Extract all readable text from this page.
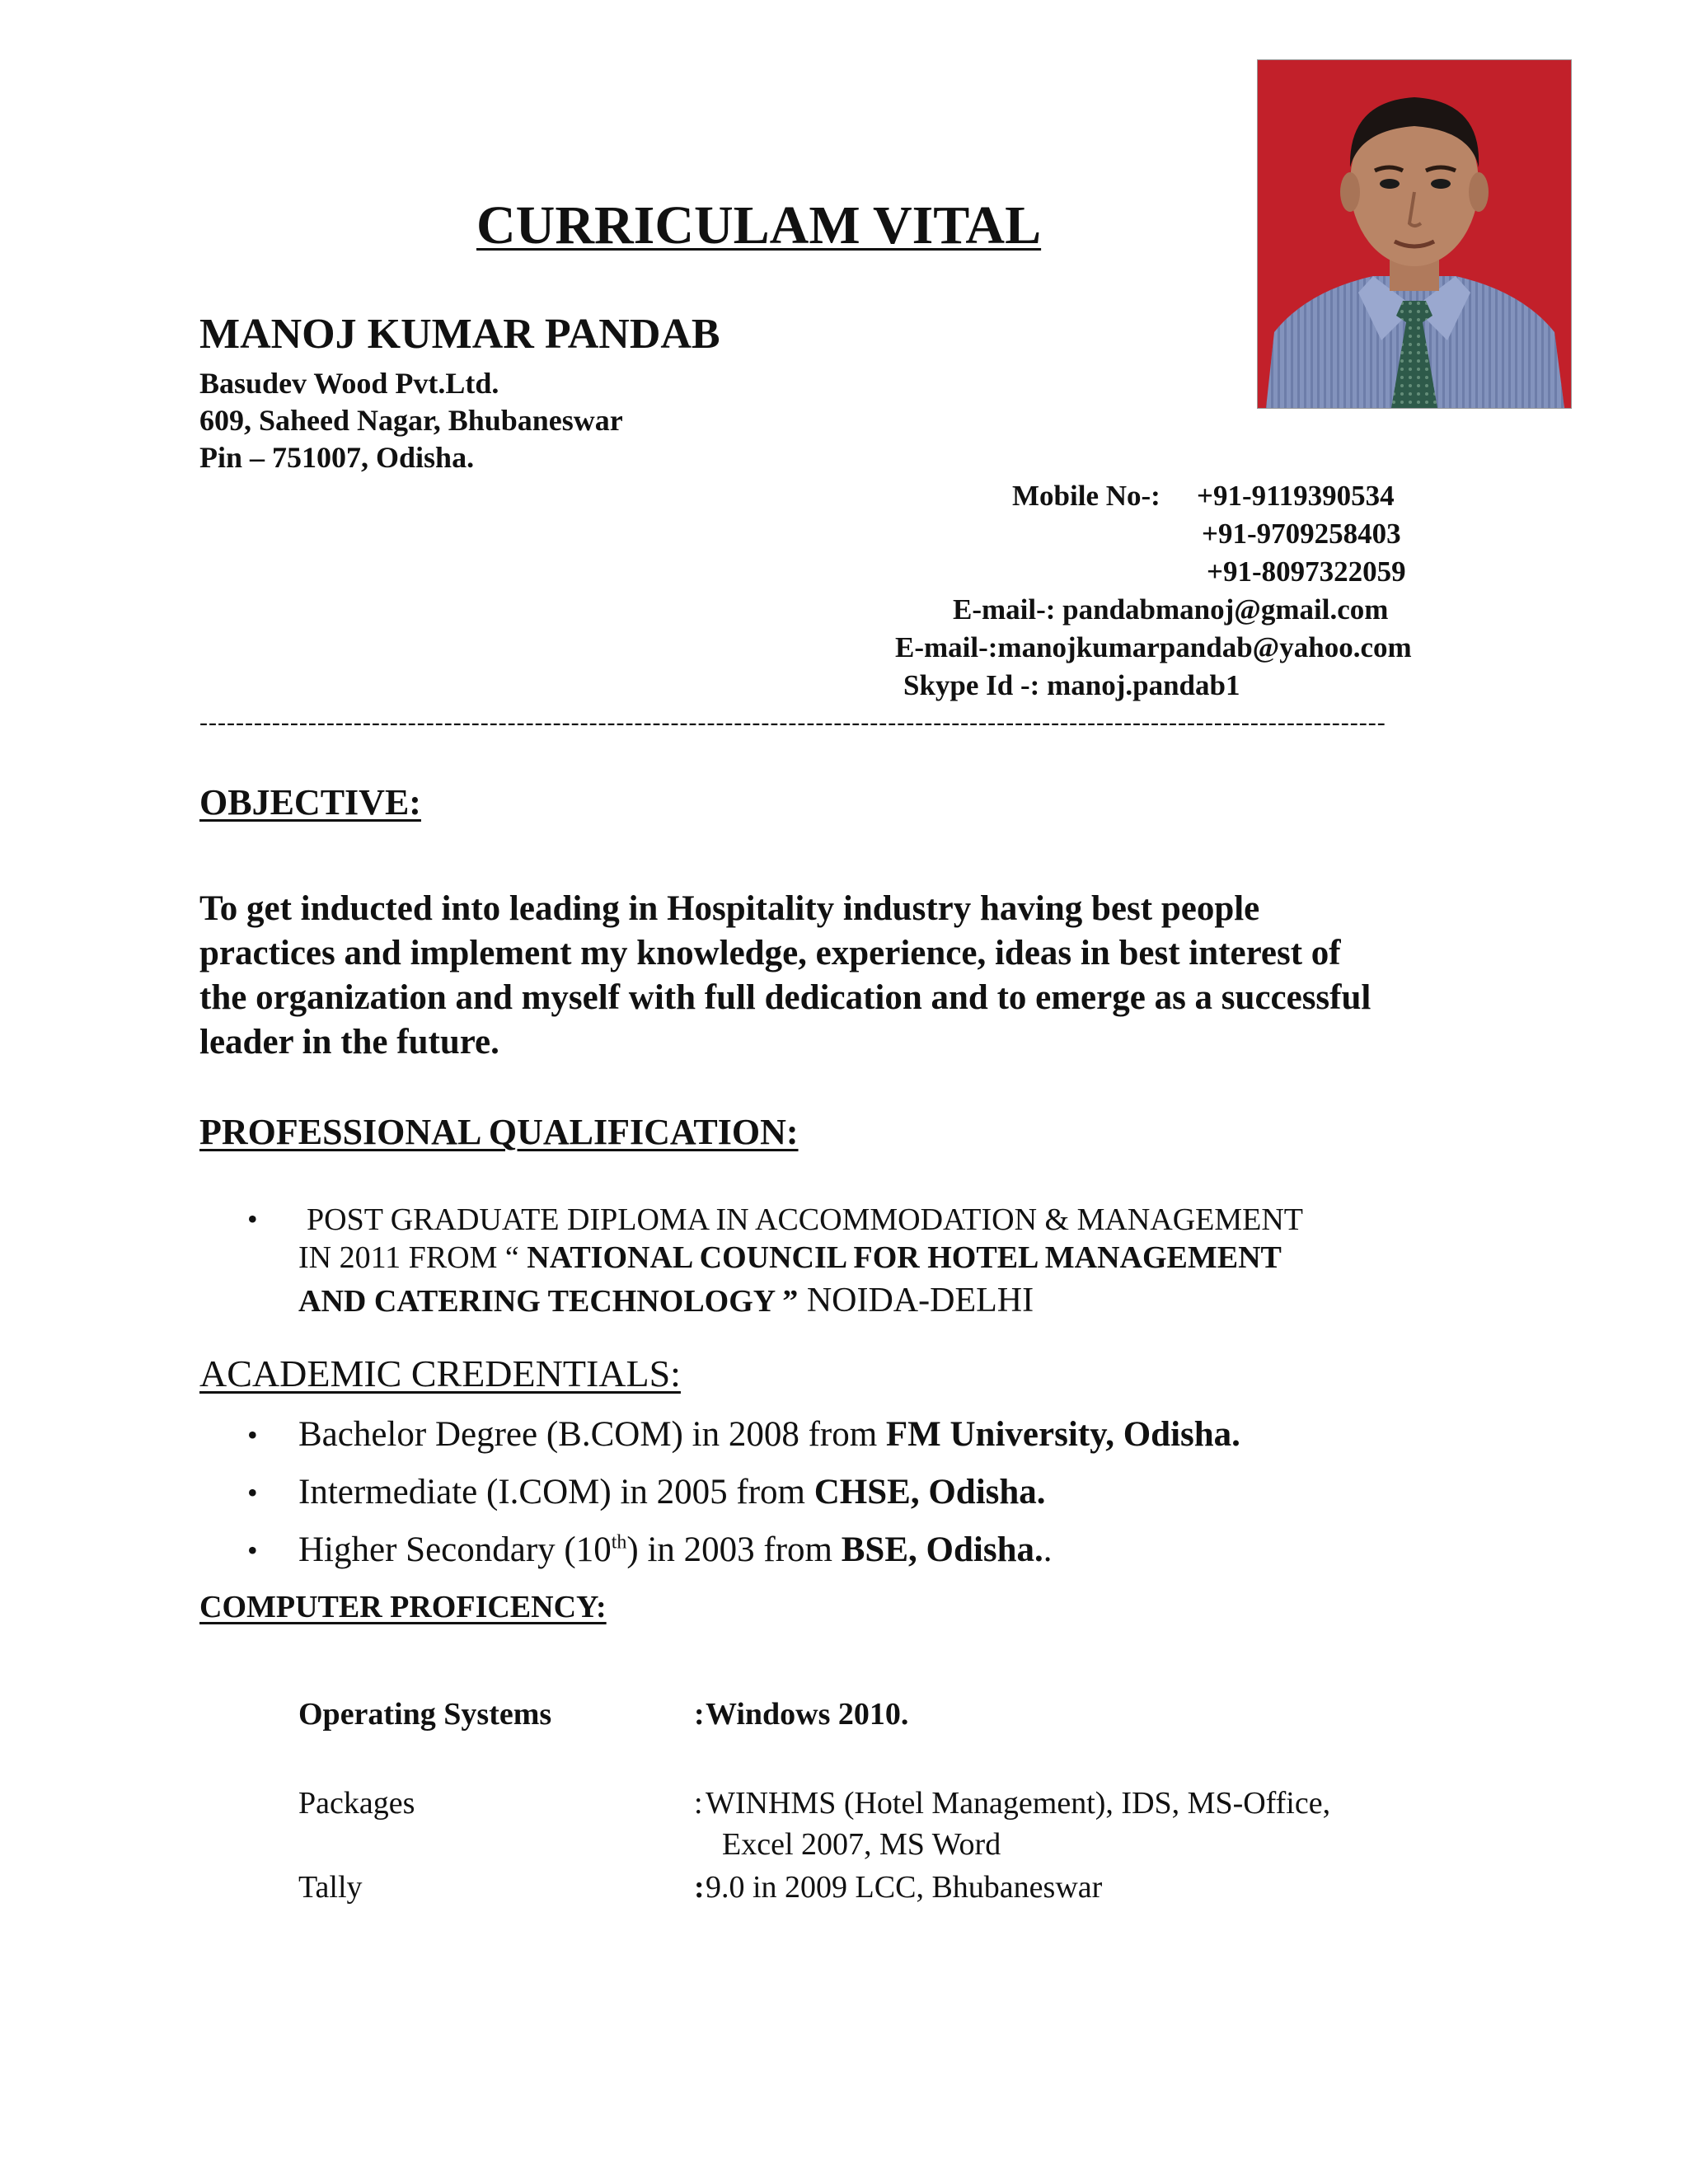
CURRICULAM VITAL
MANOJ KUMAR PANDAB
Basudev Wood Pvt.Ltd.
609, Saheed Nagar, Bhubaneswar
Pin – 751007, Odisha.
Mobile No-: +91-9119390534
+91-9709258403
+91-8097322059
E-mail-: pandabmanoj@gmail.com
E-mail-:manojkumarpandab@yahoo.com
Skype Id -: manoj.pandab1
-----------------------------------------------------------------------------------------------------------------------------------
OBJECTIVE:
To get inducted into leading in Hospitality industry having best people
practices and implement my knowledge, experience, ideas in best interest of
the organization and myself with full dedication and to emerge as a successful
leader in the future.
PROFESSIONAL QUALIFICATION:
• POST GRADUATE DIPLOMA IN ACCOMMODATION & MANAGEMENT
IN 2011 FROM “ NATIONAL COUNCIL FOR HOTEL MANAGEMENT
AND CATERING TECHNOLOGY ” NOIDA-DELHI
ACADEMIC CREDENTIALS:
• Bachelor Degree (B.COM) in 2008 from FM University, Odisha.
• Intermediate (I.COM) in 2005 from CHSE, Odisha.
• Higher Secondary (10th) in 2003 from BSE, Odisha..
COMPUTER PROFICENCY:
Operating Systems	: Windows 2010.
Packages	: WINHMS (Hotel Management), IDS, MS-Office,
Excel 2007, MS Word
Tally	: 9.0 in 2009 LCC, Bhubaneswar
